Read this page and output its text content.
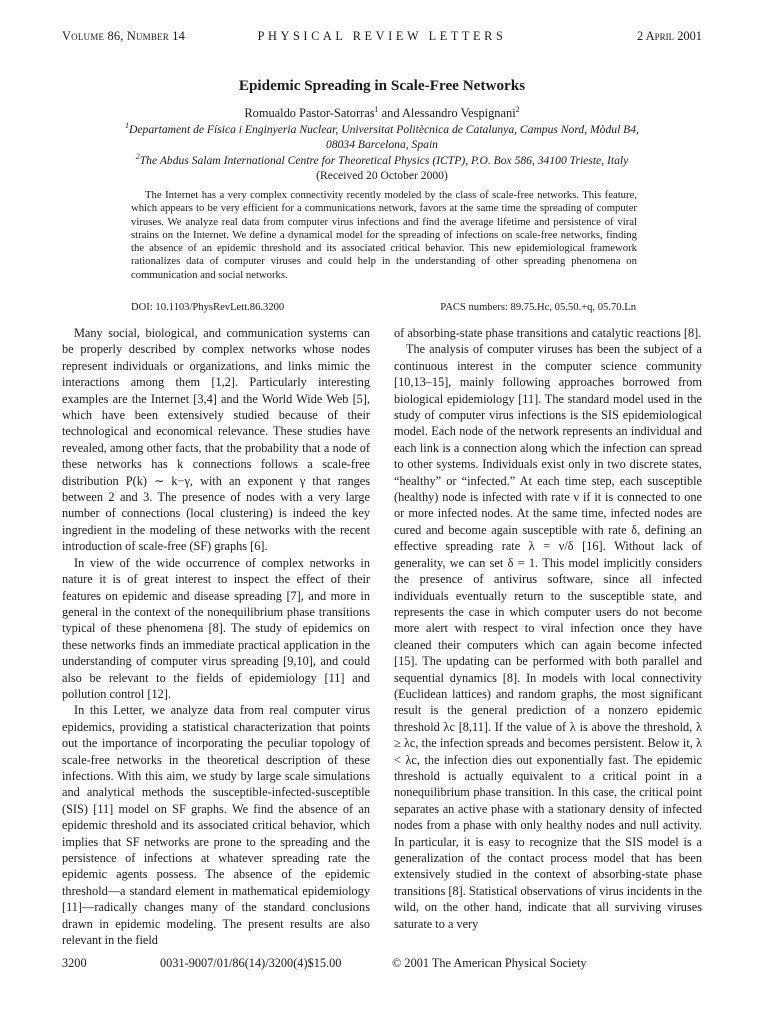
Volume 86, Number 14	PHYSICAL REVIEW LETTERS	2 April 2001
Epidemic Spreading in Scale-Free Networks
Romualdo Pastor-Satorras$^1$ and Alessandro Vespignani$^2$
$^1$Departament de Física i Enginyeria Nuclear, Universitat Politècnica de Catalunya, Campus Nord, Mòdul B4,
08034 Barcelona, Spain
$^2$The Abdus Salam International Centre for Theoretical Physics (ICTP), P.O. Box 586, 34100 Trieste, Italy
(Received 20 October 2000)

The Internet has a very complex connectivity recently modeled by the class of scale-free networks. This feature, which appears to be very efficient for a communications network, favors at the same time the spreading of computer viruses. We analyze real data from computer virus infections and find the average lifetime and persistence of viral strains on the Internet. We define a dynamical model for the spreading of infections on scale-free networks, finding the absence of an epidemic threshold and its associated critical behavior. This new epidemiological framework rationalizes data of computer viruses and could help in the understanding of other spreading phenomena on communication and social networks.

DOI: 10.1103/PhysRevLett.86.3200	PACS numbers: 89.75.Hc, 05.50.+q, 05.70.Ln

Many social, biological, and communication systems can be properly described by complex networks whose nodes represent individuals or organizations, and links mimic the interactions among them [1,2]. Particularly interesting examples are the Internet [3,4] and the World Wide Web [5], which have been extensively studied because of their technological and economical relevance. These studies have revealed, among other facts, that the probability that a node of these networks has k connections follows a scale-free distribution P(k) ∼ k−γ, with an exponent γ that ranges between 2 and 3. The presence of nodes with a very large number of connections (local clustering) is indeed the key ingredient in the modeling of these networks with the recent introduction of scale-free (SF) graphs [6].

In view of the wide occurrence of complex networks in nature it is of great interest to inspect the effect of their features on epidemic and disease spreading [7], and more in general in the context of the nonequilibrium phase transitions typical of these phenomena [8]. The study of epidemics on these networks finds an immediate practical application in the understanding of computer virus spreading [9,10], and could also be relevant to the fields of epidemiology [11] and pollution control [12].

In this Letter, we analyze data from real computer virus epidemics, providing a statistical characterization that points out the importance of incorporating the peculiar topology of scale-free networks in the theoretical description of these infections. With this aim, we study by large scale simulations and analytical methods the susceptible-infected-susceptible (SIS) [11] model on SF graphs. We find the absence of an epidemic threshold and its associated critical behavior, which implies that SF networks are prone to the spreading and the persistence of infections at whatever spreading rate the epidemic agents possess. The absence of the epidemic threshold—a standard element in mathematical epidemiology [11]—radically changes many of the standard conclusions drawn in epidemic modeling. The present results are also relevant in the field

of absorbing-state phase transitions and catalytic reactions [8].

The analysis of computer viruses has been the subject of a continuous interest in the computer science community [10,13–15], mainly following approaches borrowed from biological epidemiology [11]. The standard model used in the study of computer virus infections is the SIS epidemiological model. Each node of the network represents an individual and each link is a connection along which the infection can spread to other systems. Individuals exist only in two discrete states, “healthy” or “infected.” At each time step, each susceptible (healthy) node is infected with rate ν if it is connected to one or more infected nodes. At the same time, infected nodes are cured and become again susceptible with rate δ, defining an effective spreading rate λ = ν/δ [16]. Without lack of generality, we can set δ = 1. This model implicitly considers the presence of antivirus software, since all infected individuals eventually return to the susceptible state, and represents the case in which computer users do not become more alert with respect to viral infection once they have cleaned their computers which can again become infected [15]. The updating can be performed with both parallel and sequential dynamics [8]. In models with local connectivity (Euclidean lattices) and random graphs, the most significant result is the general prediction of a nonzero epidemic threshold λc [8,11]. If the value of λ is above the threshold, λ ≥ λc, the infection spreads and becomes persistent. Below it, λ < λc, the infection dies out exponentially fast. The epidemic threshold is actually equivalent to a critical point in a nonequilibrium phase transition. In this case, the critical point separates an active phase with a stationary density of infected nodes from a phase with only healthy nodes and null activity. In particular, it is easy to recognize that the SIS model is a generalization of the contact process model that has been extensively studied in the context of absorbing-state phase transitions [8]. Statistical observations of virus incidents in the wild, on the other hand, indicate that all surviving viruses saturate to a very

3200	0031-9007/01/86(14)/3200(4)$15.00	© 2001 The American Physical Society
